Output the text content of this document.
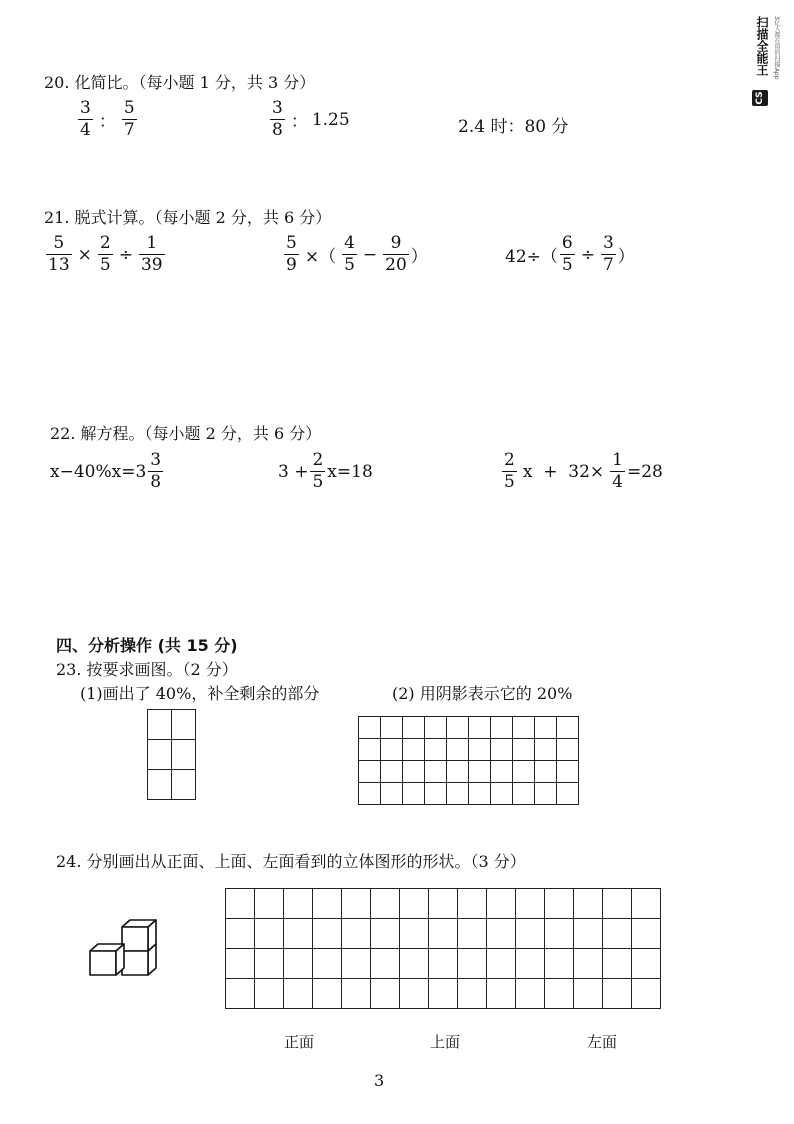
扫描全能王 3亿人都在用的扫描App
CS
20. 化简比。（每小题 1 分，共 3 分）
$\frac{3}{4}$ ： $\frac{5}{7}$	$\frac{3}{8}$ ： 1.25	2.4 时：80 分
21. 脱式计算。（每小题 2 分，共 6 分）
$\frac{5}{13} \times \frac{2}{5} \div \frac{1}{39}$	$\frac{5}{9}$ ×（ $\frac{4}{5} - \frac{9}{20}$ ）	$42\div( \frac{6}{5} \div \frac{3}{7}$ ）
22. 解方程。（每小题 2 分，共 6 分）
$x-40\%x=3 \frac{3}{8}$	$3 + \frac{2}{5} x=18$	$\frac{2}{5}$ $x + 32\times \frac{1}{4} =28$
四、分析操作 (共 15 分)
23. 按要求画图。（2 分）
(1)画出了 40%，补全剩余的部分	(2) 用阴影表示它的 20%

24. 分别画出从正面、上面、左面看到的立体图形的形状。（3 分）

正面	上面	左面
3
